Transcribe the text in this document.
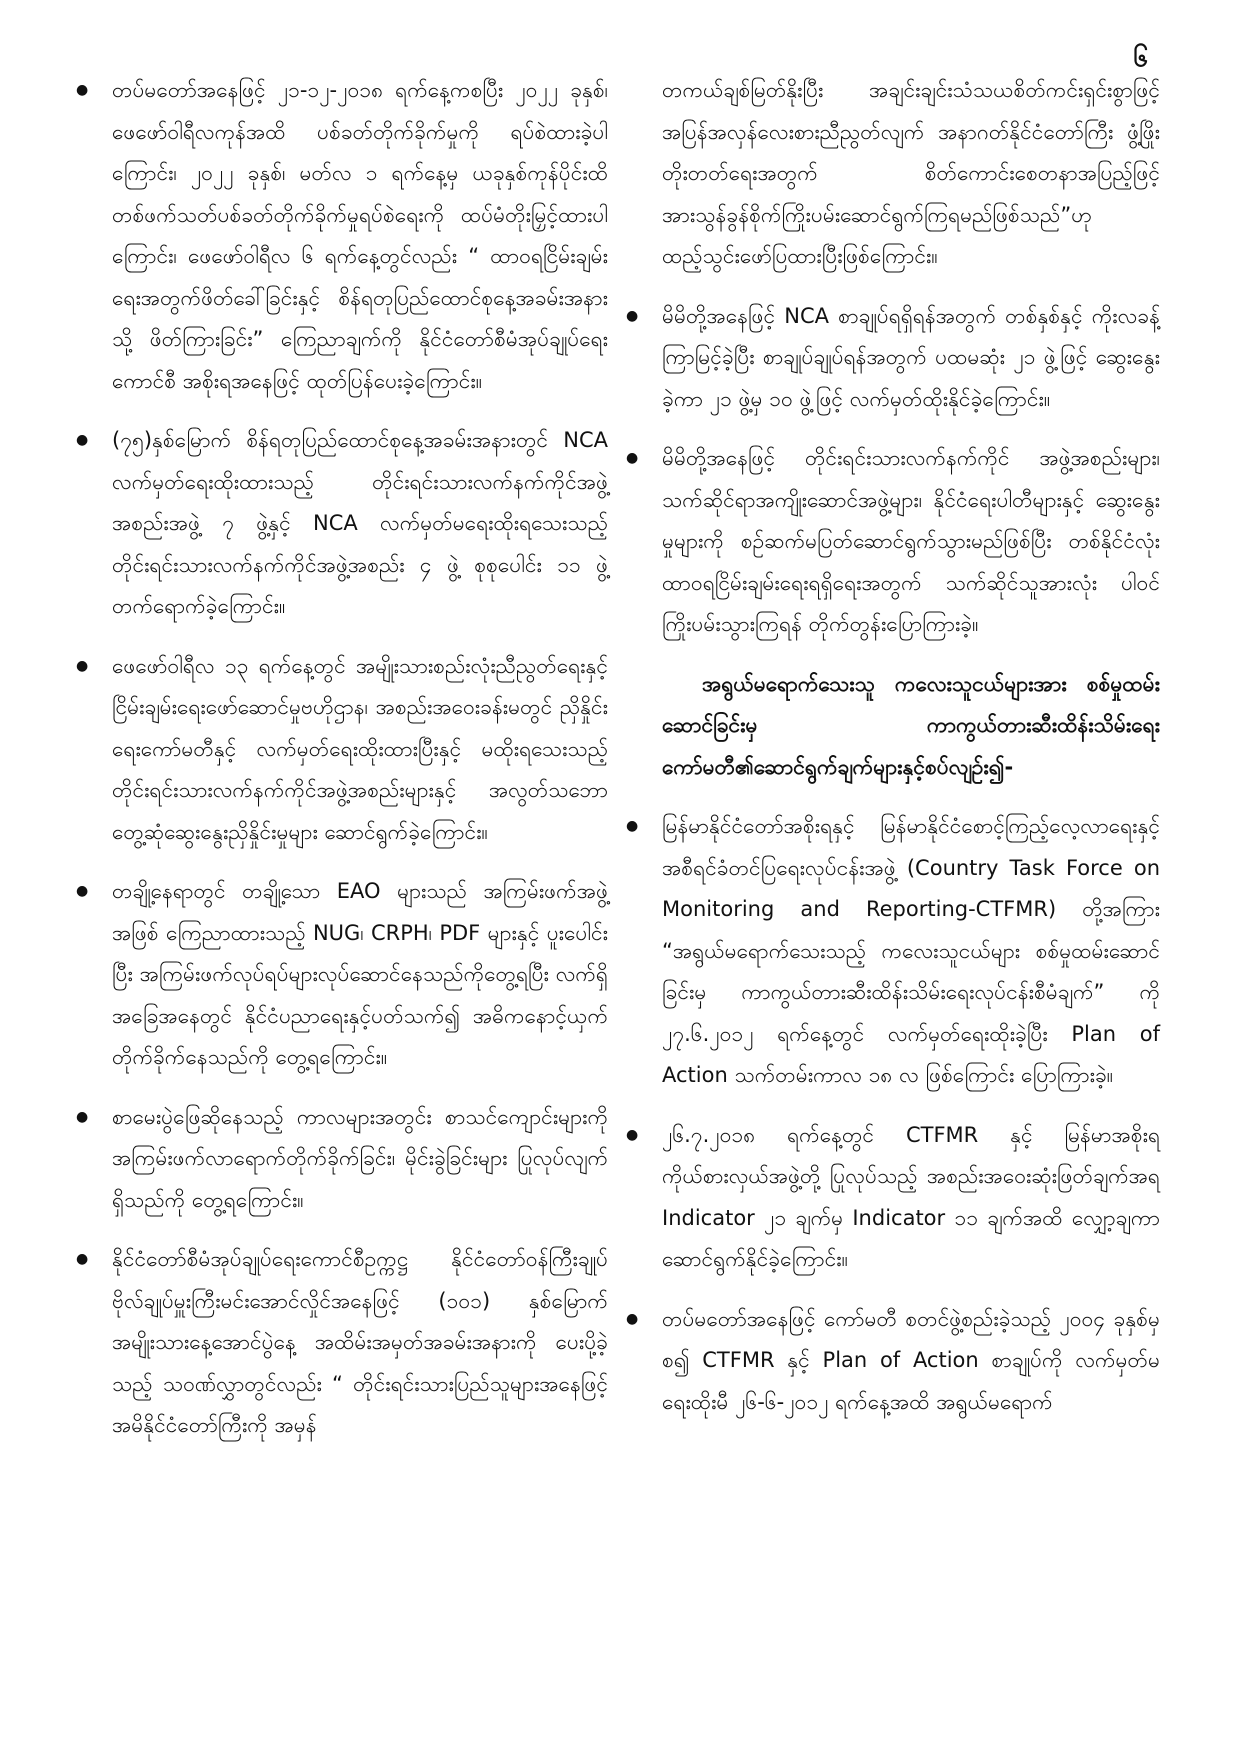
၆

● တပ်မတော်အနေဖြင့် ၂၁-၁၂-၂၀၁၈ ရက်နေ့ကစပြီး ၂၀၂၂ ခုနှစ်၊ ဖေဖော်ဝါရီလကုန်အထိ ပစ်ခတ်တိုက်ခိုက်မှုကို ရပ်စဲထားခဲ့ပါကြောင်း၊ ၂၀၂၂ ခုနှစ်၊ မတ်လ ၁ ရက်နေ့မှ ယခုနှစ်ကုန်ပိုင်းထိ တစ်ဖက်သတ်ပစ်ခတ်တိုက်ခိုက်မှုရပ်စဲရေးကို ထပ်မံတိုးမြှင့်ထားပါကြောင်း၊ ဖေဖော်ဝါရီလ ၆ ရက်နေ့တွင်လည်း “ ထာဝရငြိမ်းချမ်းရေးအတွက်ဖိတ်ခေါ်ခြင်းနှင့် စိန်ရတုပြည်ထောင်စုနေ့အခမ်းအနားသို့ ဖိတ်ကြားခြင်း” ကြေညာချက်ကို နိုင်ငံတော်စီမံအုပ်ချုပ်ရေးကောင်စီ အစိုးရအနေဖြင့် ထုတ်ပြန်ပေးခဲ့ကြောင်း။

● (၇၅)နှစ်မြောက် စိန်ရတုပြည်ထောင်စုနေ့အခမ်းအနားတွင် NCA လက်မှတ်ရေးထိုးထားသည့် တိုင်းရင်းသားလက်နက်ကိုင်အဖွဲ့အစည်းအဖွဲ့ ၇ ဖွဲ့နှင့် NCA လက်မှတ်မရေးထိုးရသေးသည့် တိုင်းရင်းသားလက်နက်ကိုင်အဖွဲ့အစည်း ၄ ဖွဲ့ စုစုပေါင်း ၁၁ ဖွဲ့ တက်ရောက်ခဲ့ကြောင်း။

● ဖေဖော်ဝါရီလ ၁၃ ရက်နေ့တွင် အမျိုးသားစည်းလုံးညီညွတ်ရေးနှင့် ငြိမ်းချမ်းရေးဖော်ဆောင်မှုဗဟိုဌာန၊ အစည်းအဝေးခန်းမတွင် ညှိနှိုင်းရေးကော်မတီနှင့် လက်မှတ်ရေးထိုးထားပြီးနှင့် မထိုးရသေးသည့် တိုင်းရင်းသားလက်နက်ကိုင်အဖွဲ့အစည်းများနှင့် အလွတ်သဘောတွေ့ဆုံဆွေးနွေးညှိနှိုင်းမှုများ ဆောင်ရွက်ခဲ့ကြောင်း။

● တချို့နေရာတွင် တချို့သော EAO များသည် အကြမ်းဖက်အဖွဲ့အဖြစ် ကြေညာထားသည့် NUG၊ CRPH၊ PDF များနှင့် ပူးပေါင်းပြီး အကြမ်းဖက်လုပ်ရပ်များလုပ်ဆောင်နေသည်ကိုတွေ့ရပြီး လက်ရှိအခြေအနေတွင် နိုင်ငံပညာရေးနှင့်ပတ်သက်၍ အဓိကနောင့်ယှက်တိုက်ခိုက်နေသည်ကို တွေ့ရကြောင်း။

● စာမေးပွဲဖြေဆိုနေသည့် ကာလများအတွင်း စာသင်ကျောင်းများကို အကြမ်းဖက်လာရောက်တိုက်ခိုက်ခြင်း၊ မိုင်းခွဲခြင်းများ ပြုလုပ်လျက်ရှိသည်ကို တွေ့ရကြောင်း။

● နိုင်ငံတော်စီမံအုပ်ချုပ်ရေးကောင်စီဥက္ကဋ္ဌ နိုင်ငံတော်ဝန်ကြီးချုပ် ဗိုလ်ချုပ်မှူးကြီးမင်းအောင်လှိုင်အနေဖြင့် (၁၀၁) နှစ်မြောက် အမျိုးသားနေ့အောင်ပွဲနေ့ အထိမ်းအမှတ်အခမ်းအနားကို ပေးပို့ခဲ့သည့် သဝဏ်လွှာတွင်လည်း “ တိုင်းရင်းသားပြည်သူများအနေဖြင့် အမိနိုင်ငံတော်ကြီးကို အမှန်

တကယ်ချစ်မြတ်နိုးပြီး အချင်းချင်းသံသယစိတ်ကင်းရှင်းစွာဖြင့် အပြန်အလှန်လေးစားညီညွတ်လျက် အနာဂတ်နိုင်ငံတော်ကြီး ဖွံ့ဖြိုးတိုးတတ်ရေးအတွက် စိတ်ကောင်းစေတနာအပြည့်ဖြင့် အားသွန်ခွန်စိုက်ကြိုးပမ်းဆောင်ရွက်ကြရမည်ဖြစ်သည်”ဟု ထည့်သွင်းဖော်ပြထားပြီးဖြစ်ကြောင်း။

● မိမိတို့အနေဖြင့် NCA စာချုပ်ရရှိရန်အတွက် တစ်နှစ်နှင့် ကိုးလခန့် ကြာမြင့်ခဲ့ပြီး စာချုပ်ချုပ်ရန်အတွက် ပထမဆုံး ၂၁ ဖွဲ့ဖြင့် ဆွေးနွေးခဲ့ကာ ၂၁ ဖွဲ့မှ ၁၀ ဖွဲ့ဖြင့် လက်မှတ်ထိုးနိုင်ခဲ့ကြောင်း။

● မိမိတို့အနေဖြင့် တိုင်းရင်းသားလက်နက်ကိုင် အဖွဲ့အစည်းများ၊ သက်ဆိုင်ရာအကျိုးဆောင်အဖွဲ့များ၊ နိုင်ငံရေးပါတီများနှင့် ဆွေးနွေးမှုများကို စဉ်ဆက်မပြတ်ဆောင်ရွက်သွားမည်ဖြစ်ပြီး တစ်နိုင်ငံလုံး ထာဝရငြိမ်းချမ်းရေးရရှိရေးအတွက် သက်ဆိုင်သူအားလုံး ပါဝင်ကြိုးပမ်းသွားကြရန် တိုက်တွန်းပြောကြားခဲ့။

အရွယ်မရောက်သေးသူ ကလေးသူငယ်များအား စစ်မှုထမ်းဆောင်ခြင်းမှ ကာကွယ်တားဆီးထိန်းသိမ်းရေးကော်မတီ၏ဆောင်ရွက်ချက်များနှင့်စပ်လျဉ်း၍-

● မြန်မာနိုင်ငံတော်အစိုးရနှင့် မြန်မာနိုင်ငံစောင့်ကြည့်လေ့လာရေးနှင့် အစီရင်ခံတင်ပြရေးလုပ်ငန်းအဖွဲ့ (Country Task Force on Monitoring and Reporting-CTFMR) တို့အကြား “အရွယ်မရောက်သေးသည့် ကလေးသူငယ်များ စစ်မှုထမ်းဆောင်ခြင်းမှ ကာကွယ်တားဆီးထိန်းသိမ်းရေးလုပ်ငန်းစီမံချက်” ကို ၂၇.၆.၂၀၁၂ ရက်နေ့တွင် လက်မှတ်ရေးထိုးခဲ့ပြီး Plan of Action သက်တမ်းကာလ ၁၈ လ ဖြစ်ကြောင်း ပြောကြားခဲ့။

● ၂၆.၇.၂၀၁၈ ရက်နေ့တွင် CTFMR နှင့် မြန်မာအစိုးရကိုယ်စားလှယ်အဖွဲ့တို့ ပြုလုပ်သည့် အစည်းအဝေးဆုံးဖြတ်ချက်အရ Indicator ၂၁ ချက်မှ Indicator ၁၁ ချက်အထိ လျှော့ချကာ ဆောင်ရွက်နိုင်ခဲ့ကြောင်း။

● တပ်မတော်အနေဖြင့် ကော်မတီ စတင်ဖွဲ့စည်းခဲ့သည့် ၂၀၀၄ ခုနှစ်မှစ၍ CTFMR နှင့် Plan of Action စာချုပ်ကို လက်မှတ်မရေးထိုးမီ ၂၆-၆-၂၀၁၂ ရက်နေ့အထိ အရွယ်မရောက်
